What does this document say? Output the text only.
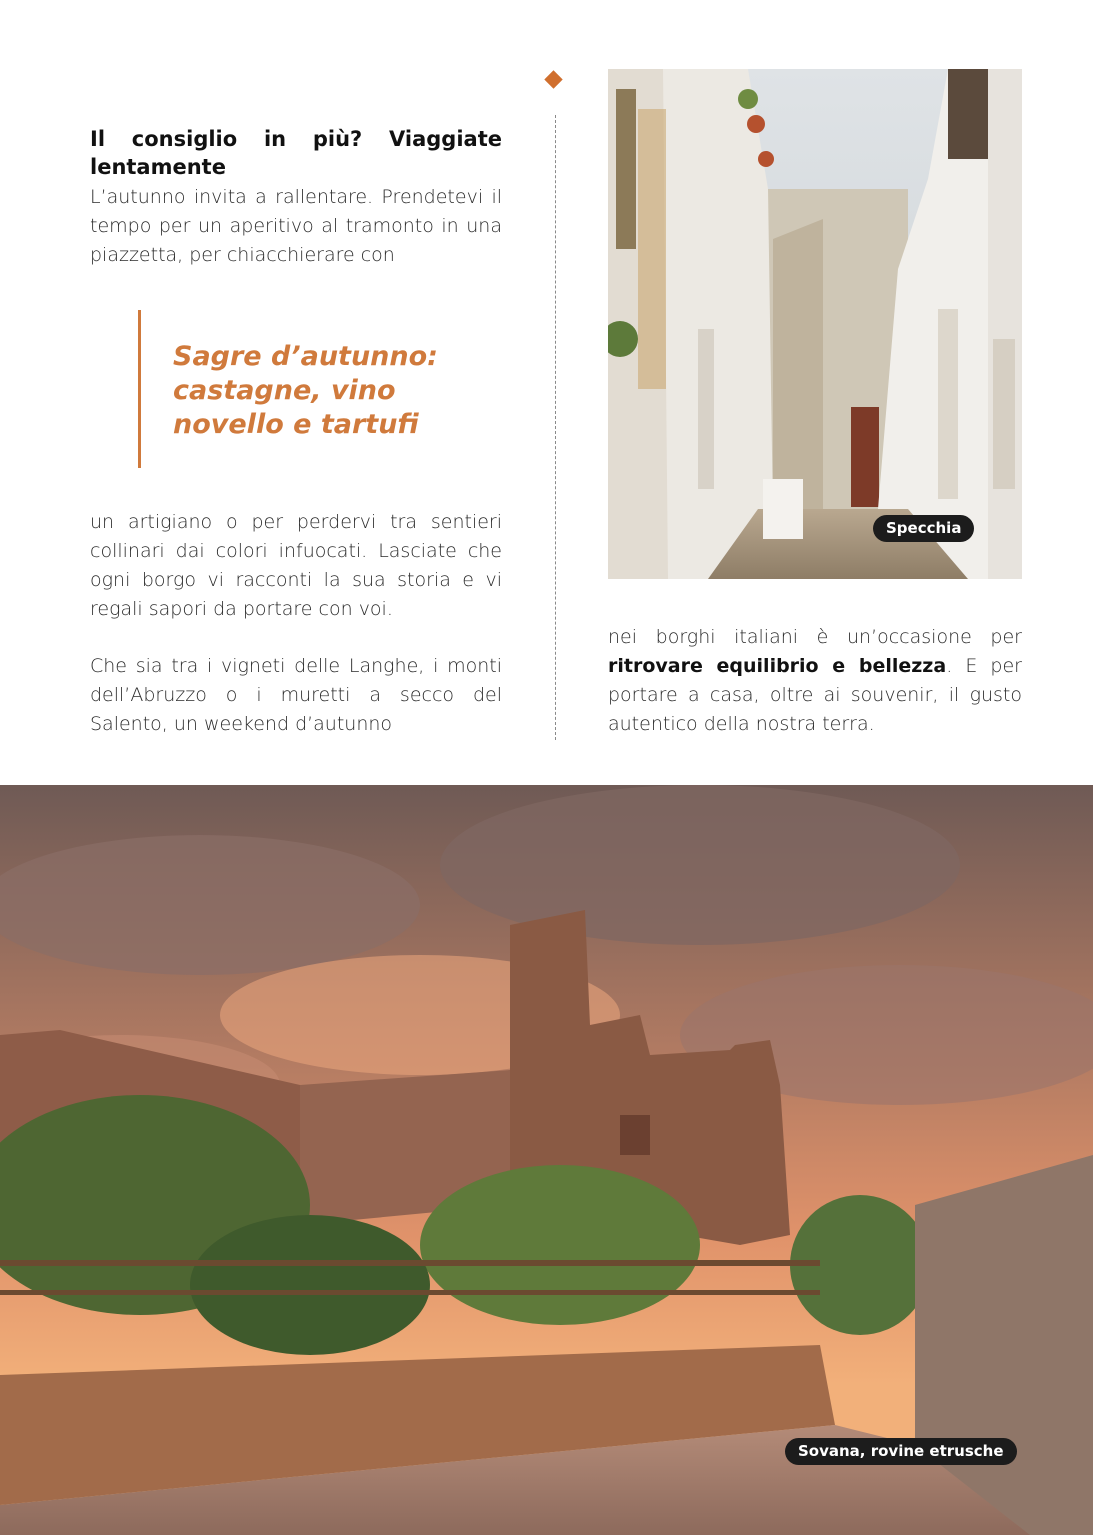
Il consiglio in più? Viaggiate
lentamente
L’autunno invita a rallentare. Prendetevi il tempo per un aperitivo al tramonto in una piazzetta, per chiacchierare con
Sagre d’autunno: castagne, vino novello e tartufi
un artigiano o per perdervi tra sentieri collinari dai colori infuocati. Lasciate che ogni borgo vi racconti la sua storia e vi regali sapori da portare con voi.
Che sia tra i vigneti delle Langhe, i monti dell’Abruzzo o i muretti a secco del Salento, un weekend d’autunno
Specchia
nei borghi italiani è un’occasione per ritrovare equilibrio e bellezza. E per portare a casa, oltre ai souvenir, il gusto autentico della nostra terra.
Sovana, rovine etrusche
